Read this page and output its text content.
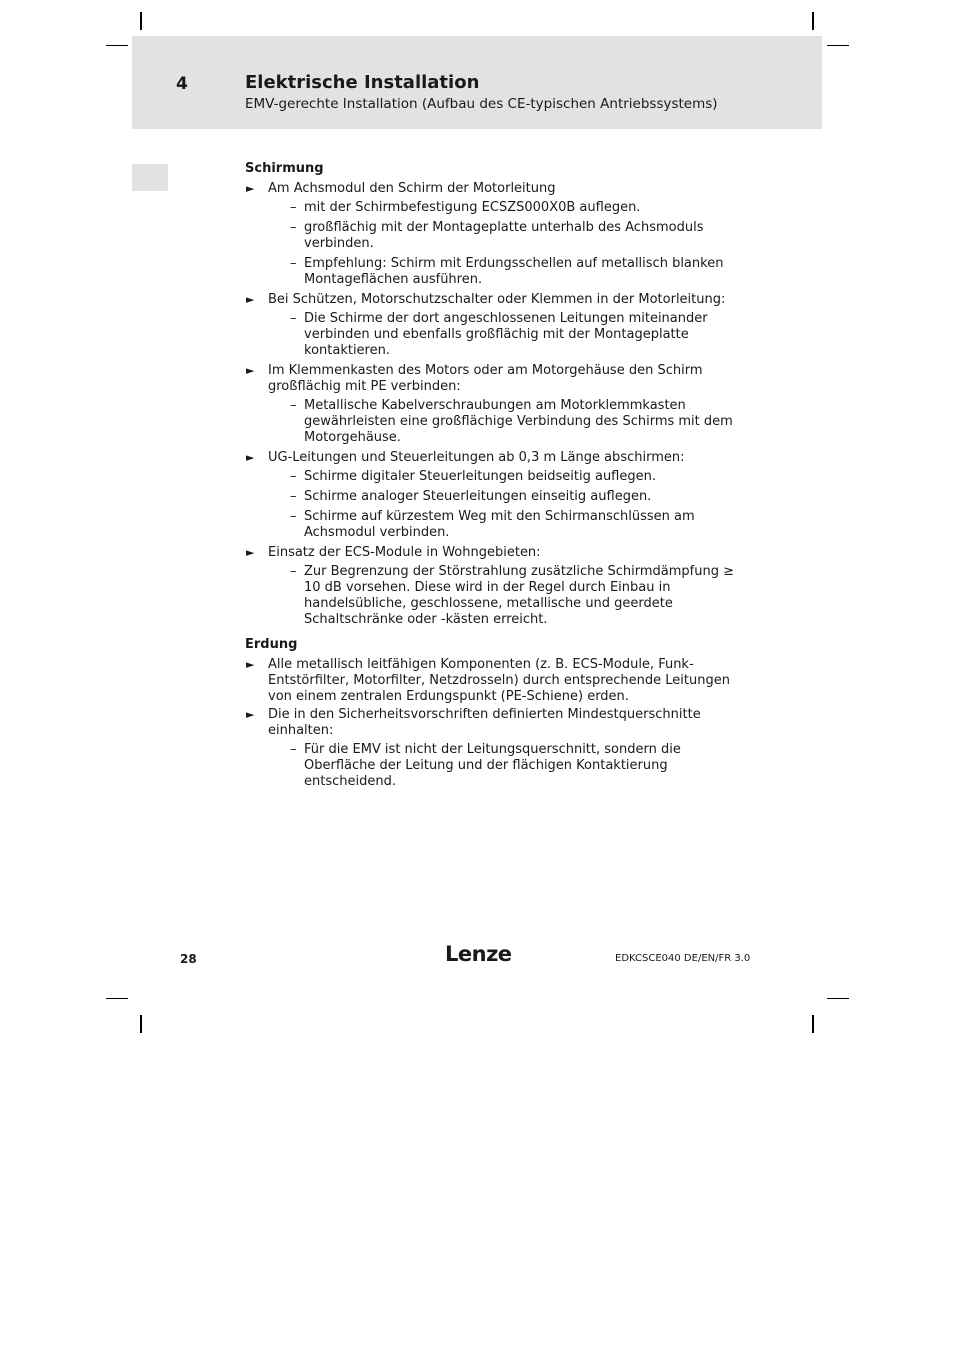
4	Elektrische Installation
EMV-gerechte Installation (Aufbau des CE-typischen Antriebssystems)
Schirmung
► Am Achsmodul den Schirm der Motorleitung
– mit der Schirmbefestigung ECSZS000X0B auflegen.
– großflächig mit der Montageplatte unterhalb des Achsmoduls verbinden.
– Empfehlung: Schirm mit Erdungsschellen auf metallisch blanken Montageflächen ausführen.
► Bei Schützen, Motorschutzschalter oder Klemmen in der Motorleitung:
– Die Schirme der dort angeschlossenen Leitungen miteinander verbinden und ebenfalls großflächig mit der Montageplatte kontaktieren.
► Im Klemmenkasten des Motors oder am Motorgehäuse den Schirm großflächig mit PE verbinden:
– Metallische Kabelverschraubungen am Motorklemmkasten gewährleisten eine großflächige Verbindung des Schirms mit dem Motorgehäuse.
► UG-Leitungen und Steuerleitungen ab 0,3 m Länge abschirmen:
– Schirme digitaler Steuerleitungen beidseitig auflegen.
– Schirme analoger Steuerleitungen einseitig auflegen.
– Schirme auf kürzestem Weg mit den Schirmanschlüssen am Achsmodul verbinden.
► Einsatz der ECS-Module in Wohngebieten:
– Zur Begrenzung der Störstrahlung zusätzliche Schirmdämpfung ≥ 10 dB vorsehen. Diese wird in der Regel durch Einbau in handelsübliche, geschlossene, metallische und geerdete Schaltschränke oder -kästen erreicht.
Erdung
► Alle metallisch leitfähigen Komponenten (z. B. ECS-Module, Funk-Entstörfilter, Motorfilter, Netzdrosseln) durch entsprechende Leitungen von einem zentralen Erdungspunkt (PE-Schiene) erden.
► Die in den Sicherheitsvorschriften definierten Mindestquerschnitte einhalten:
– Für die EMV ist nicht der Leitungsquerschnitt, sondern die Oberfläche der Leitung und der flächigen Kontaktierung entscheidend.
28	Lenze	EDKCSCE040 DE/EN/FR 3.0
